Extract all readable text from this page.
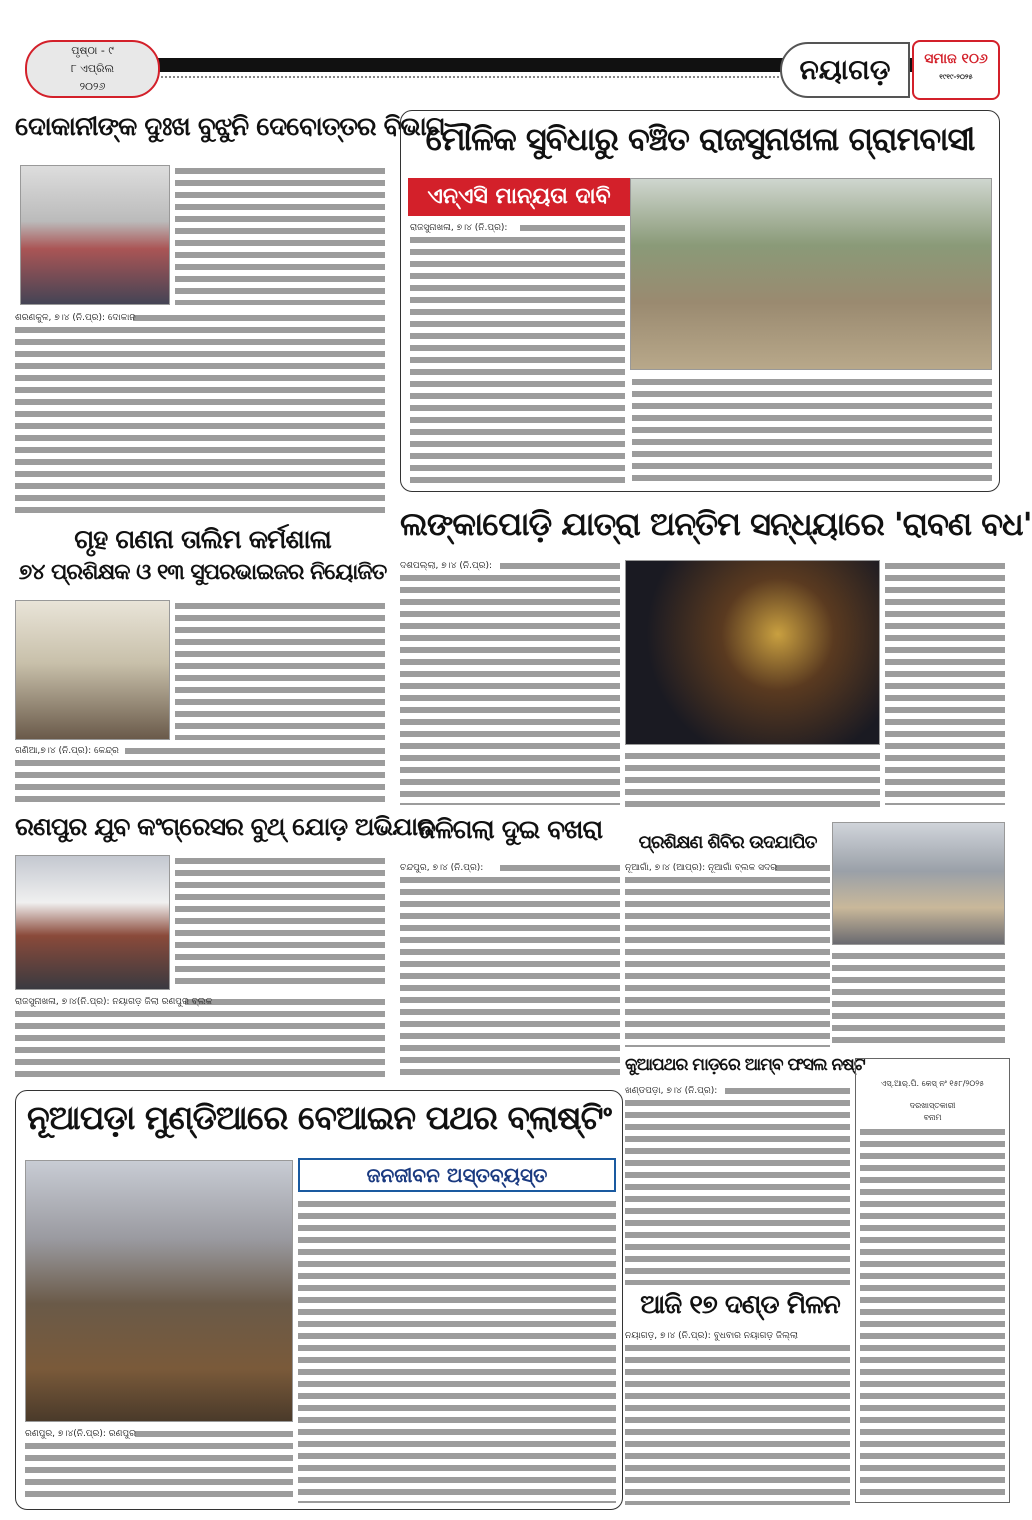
ପୃଷ୍ଠା - ୯
୮ ଏପ୍ରିଲ
୨୦୨୬
ନୟାଗଡ଼	ସମାଜ ୧୦୬
୧୯୧୯-୨୦୨୫
ଦୋକାନୀଙ୍କ ଦୁଃଖ ବୁଝୁନି ଦେବୋତ୍ତର ବିଭାଗ
ଶରଣକୁଳ, ୭।୪ (ନି.ପ୍ର): ଦୋକାନ
ମୌଳିକ ସୁବିଧାରୁ ବଞ୍ଚିତ ରାଜସୁନାଖଳା ଗ୍ରାମବାସୀ
ଏନ୍‌ଏସି ମାନ୍ୟତା ଦାବି
ରାଜସୁନାଖଳା, ୭।୪ (ନି.ପ୍ର):
ଲଙ୍କାପୋଡ଼ି ଯାତ୍ରା ଅନ୍ତିମ ସନ୍ଧ୍ୟାରେ 'ରାବଣ ବଧ'
ଦଶପଲ୍ଲା, ୭।୪ (ନି.ପ୍ର):
ଗୃହ ଗଣନା ତାଲିମ କର୍ମଶାଳା
୭୪ ପ୍ରଶିକ୍ଷକ ଓ ୧୩ ସୁପରଭାଇଜର ନିୟୋଜିତ
ଗଣିଆ,୭।୪ (ନି.ପ୍ର): କେନ୍ଦ୍ର
ରଣପୁର ଯୁବ କଂଗ୍ରେସର ବୁଥ୍ ଯୋଡ଼ ଅଭିଯାନ
ରାଜସୁନାଖଳା, ୭।୪(ନି.ପ୍ର): ନୟାଗଡ଼ ଜିଲା ରଣପୁର ବ୍ଲକ
ଜଳିଗଲା ଦୁଇ ବଖରା
ଚନ୍ଦପୁର, ୭।୪ (ନି.ପ୍ର):
ପ୍ରଶିକ୍ଷଣ ଶିବିର ଉଦଯାପିତ
ନୂଆଗାଁ, ୭।୪ (ଆପ୍ର): ନୂଆଗାଁ ବ୍ଲକ ସଦର
କୁଆପଥର ମାଡ଼ରେ ଆମ୍ବ ଫସଲ ନଷ୍ଟ
ଖଣ୍ଡପଡ଼ା, ୭।୪ (ନି.ପ୍ର):
ଏସ୍.ଆର୍.ପି. କେସ୍ ନଂ ୧୫୮/୨୦୨୫
ଦରଖାସ୍ତକାରୀ
ବନାମ
ଆଜି ୧୭ ଦଣ୍ଡ ମିଳନ
ନୟାଗଡ଼, ୭।୪ (ନି.ପ୍ର): ବୁଧବାର ନୟାଗଡ଼ ଜିଲ୍ଲା
ନୂଆପଡ଼ା ମୁଣ୍ଡିଆରେ ବେଆଇନ ପଥର ବ୍ଲାଷ୍ଟିଂ
ଜନଜୀବନ ଅସ୍ତବ୍ୟସ୍ତ
ରଣପୁର, ୭।୪(ନି.ପ୍ର): ରଣପୁର
